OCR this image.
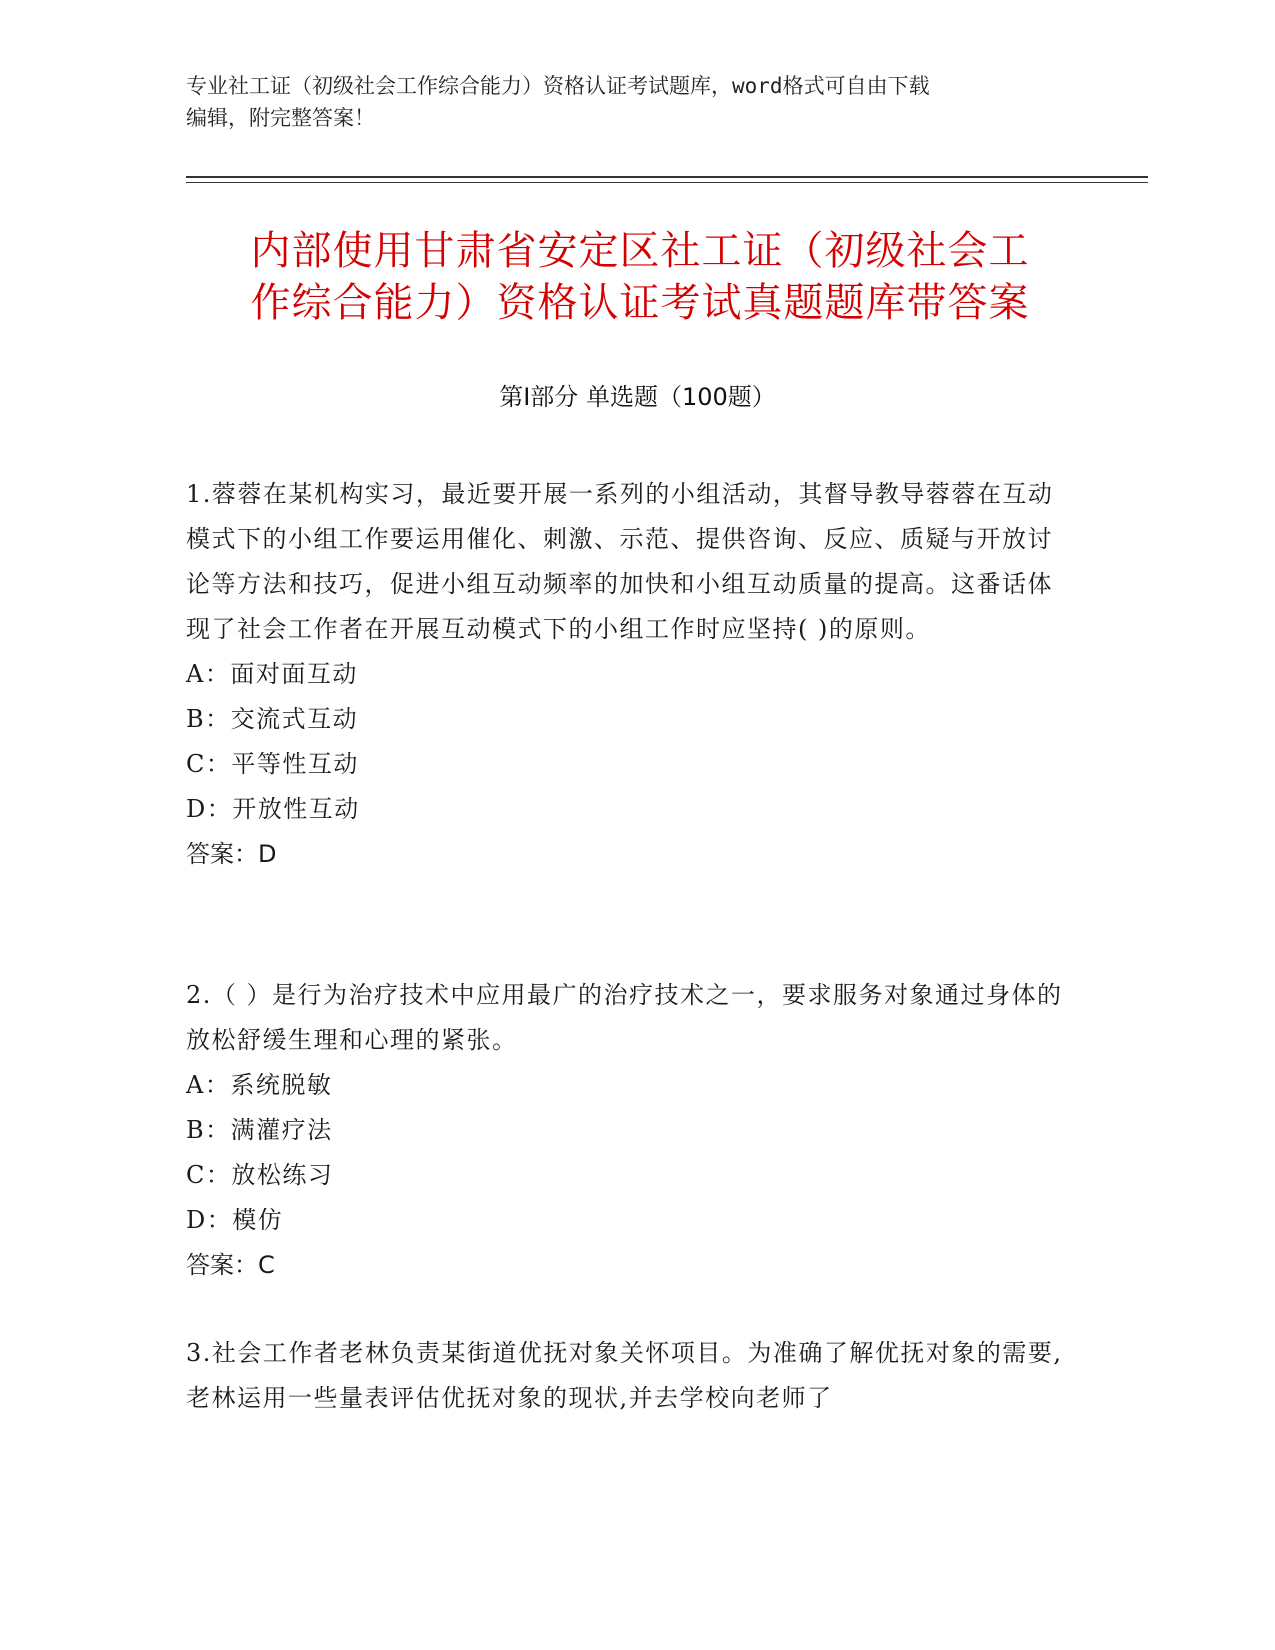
专业社工证（初级社会工作综合能力）资格认证考试题库，word格式可自由下载
编辑，附完整答案！
内部使用甘肃省安定区社工证（初级社会工
作综合能力）资格认证考试真题题库带答案
第Ⅰ部分 单选题（100题）

1.蓉蓉在某机构实习，最近要开展一系列的小组活动，其督导教导蓉蓉在互动模式下的小组工作要运用催化、刺激、示范、提供咨询、反应、质疑与开放讨论等方法和技巧，促进小组互动频率的加快和小组互动质量的提高。这番话体现了社会工作者在开展互动模式下的小组工作时应坚持( )的原则。

A：面对面互动

B：交流式互动

C：平等性互动

D：开放性互动

答案：D

2.（ ）是行为治疗技术中应用最广的治疗技术之一，要求服务对象通过身体的放松舒缓生理和心理的紧张。

A：系统脱敏

B：满灌疗法

C：放松练习

D：模仿

答案：C

3.社会工作者老林负责某街道优抚对象关怀项目。为准确了解优抚对象的需要,老林运用一些量表评估优抚对象的现状,并去学校向老师了
